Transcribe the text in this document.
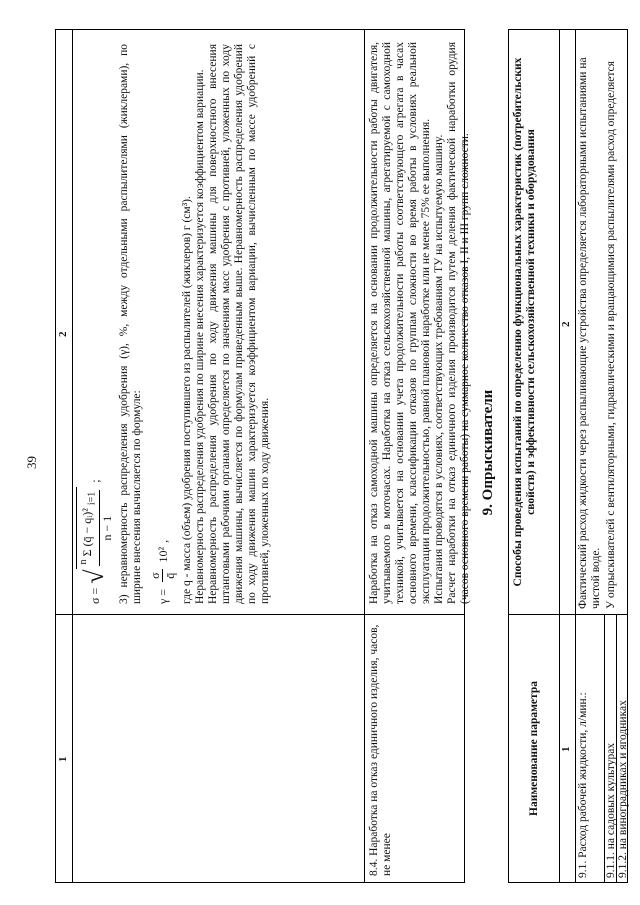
39
1
2
σ =
√
$^n$ Σ (q̄ − qᵢ)² $_{i=1}$
n − 1
; 3) неравномерность распределения удобрения (γ), %, между отдельными распылителями (жиклерами), по ширине внесения вычисляется по формуле: γ =
σ q̄
10²
, где q - масса (объем) удобрения поступившего из распылителей (жиклеров) г (см³). Неравномерность распределения удобрения по ширине внесения характеризуется коэффициентом вариации. Неравномерность распределения удобрения по ходу движения машины для поверхностного внесения штанговыми рабочими органами определяется по значениям масс удобрения с противней, уложенных по ходу движения машины, вычисляется по формулам приведенным выше. Неравномерность распределения удобрений по ходу движения машин характеризуется коэффициентом вариации, вычисленным по массе удобрений с противней, уложенных по ходу движения.

8.4. Наработка на отказ единичного изделия, часов, не менее

Наработка на отказ самоходной машины определяется на основании продолжительности работы двигателя, учитываемого в моточасах. Наработка на отказ сельскохозяйственной машины, агрегатируемой с самоходной техникой, учитывается на основании учета продолжительности работы соответствующего агрегата в часах основного времени, классификации отказов по группам сложности во время работы в условиях реальной эксплуатации продолжительностью, равной плановой наработке или не менее 75% ее выполнения. Испытания проводятся в условиях, соответствующих требованиям ТУ на испытуемую машину. Расчет наработки на отказ единичного изделия производится путем деления фактической наработки орудия (часов основного времени работы) на суммарное количество отказов I, II и III групп сложности. 9. Опрыскиватели
Наименование параметра
Способы проведения испытаний по определению функциональных характеристик (потребительских свойств) и эффективности сельскохозяйственной техники и оборудования
1
2
9.1. Расход рабочей жидкости, л/мин.:
Фактический расход жидкости через распыливающие устройства определяется лабораторными испытаниями на чистой воде.
9.1.1. на садовых культурах
У опрыскивателей с вентиляторными, гидравлическими и вращающимися распылителями расход определяется
9.1.2. на виноградниках и ягодниках
